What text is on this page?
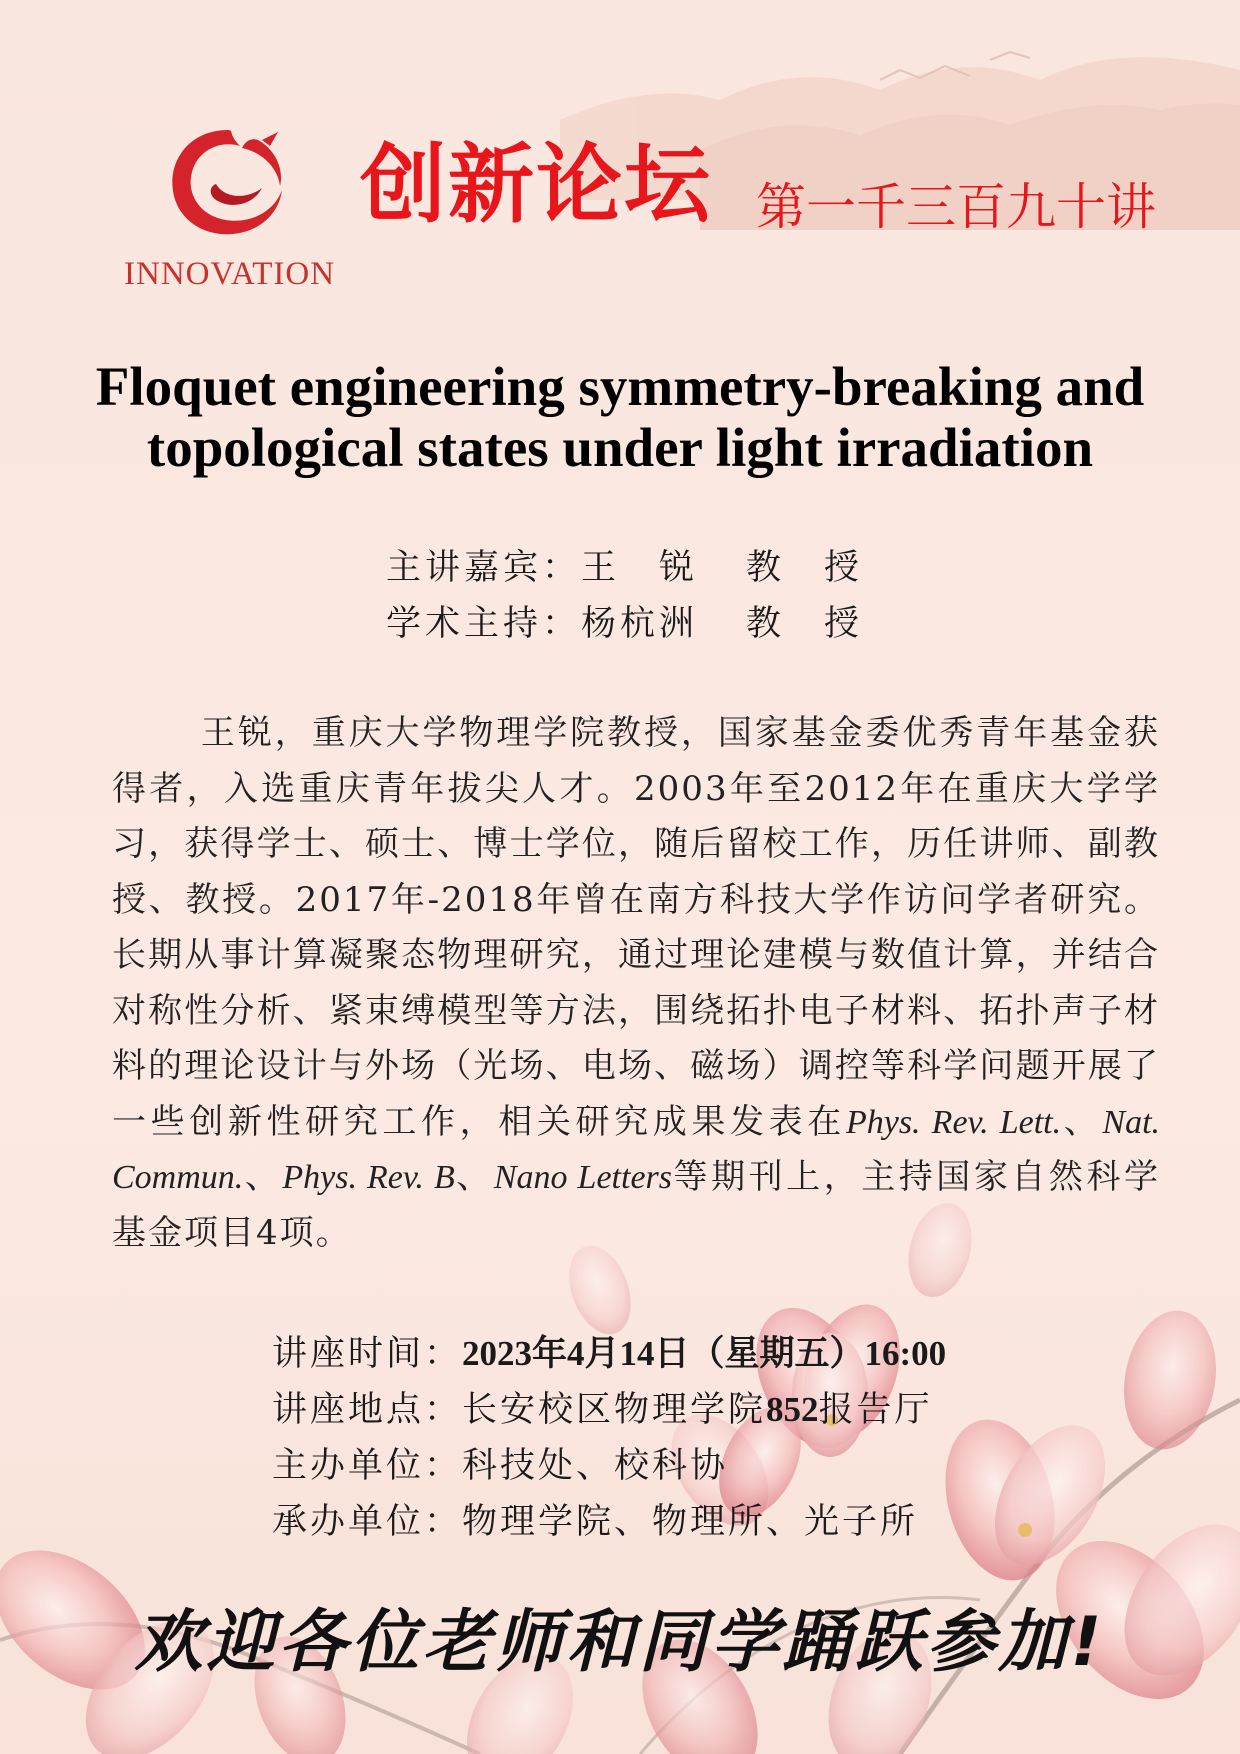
INNOVATION
创新论坛 第一千三百九十讲
Floquet engineering symmetry-breaking and
topological states under light irradiation
主讲嘉宾：王　锐 教　授
学术主持：杨杭洲 教　授
王锐，重庆大学物理学院教授，国家基金委优秀青年基金获得者，入选重庆青年拔尖人才。2003年至2012年在重庆大学学习，获得学士、硕士、博士学位，随后留校工作，历任讲师、副教授、教授。2017年-2018年曾在南方科技大学作访问学者研究。长期从事计算凝聚态物理研究，通过理论建模与数值计算，并结合对称性分析、紧束缚模型等方法，围绕拓扑电子材料、拓扑声子材料的理论设计与外场（光场、电场、磁场）调控等科学问题开展了一些创新性研究工作，相关研究成果发表在Phys. Rev. Lett.、Nat. Commun.、Phys. Rev. B、Nano Letters等期刊上，主持国家自然科学基金项目4项。
讲座时间：2023年4月14日（星期五）16:00
讲座地点：长安校区物理学院852报告厅
主办单位：科技处、校科协
承办单位：物理学院、物理所、光子所
欢迎各位老师和同学踊跃参加!
